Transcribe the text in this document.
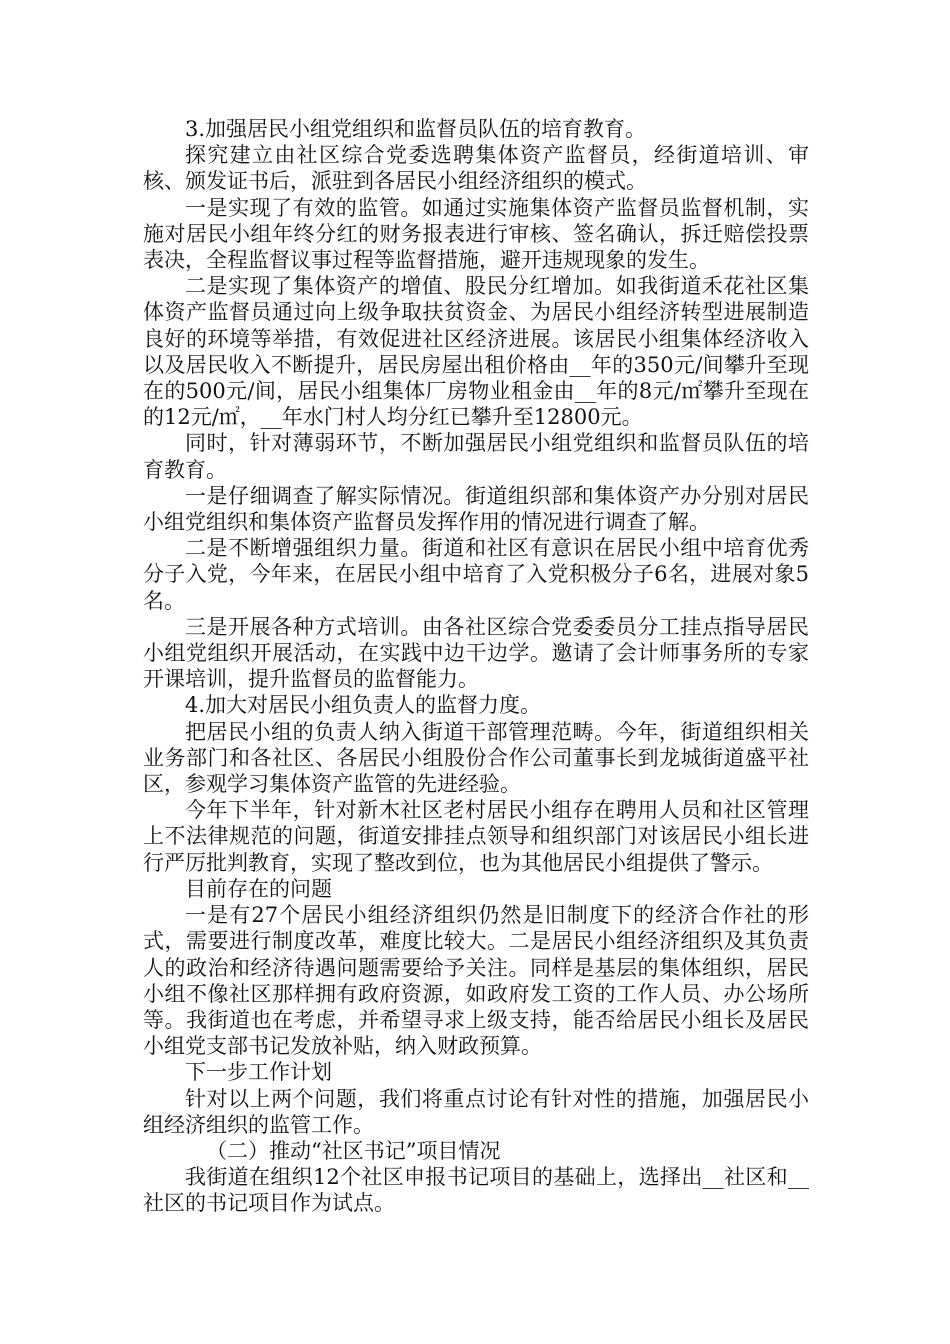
3.加强居民小组党组织和监督员队伍的培育教育。

探究建立由社区综合党委选聘集体资产监督员，经街道培训、审核、颁发证书后，派驻到各居民小组经济组织的模式。

一是实现了有效的监管。如通过实施集体资产监督员监督机制，实施对居民小组年终分红的财务报表进行审核、签名确认，拆迁赔偿投票表决，全程监督议事过程等监督措施，避开违规现象的发生。

二是实现了集体资产的增值、股民分红增加。如我街道禾花社区集体资产监督员通过向上级争取扶贫资金、为居民小组经济转型进展制造良好的环境等举措，有效促进社区经济进展。该居民小组集体经济收入以及居民收入不断提升，居民房屋出租价格由__年的350元/间攀升至现在的500元/间，居民小组集体厂房物业租金由__年的8元/㎡攀升至现在的12元/㎡，__年水门村人均分红已攀升至12800元。

同时，针对薄弱环节，不断加强居民小组党组织和监督员队伍的培育教育。

一是仔细调查了解实际情况。街道组织部和集体资产办分别对居民小组党组织和集体资产监督员发挥作用的情况进行调查了解。

二是不断增强组织力量。街道和社区有意识在居民小组中培育优秀分子入党，今年来，在居民小组中培育了入党积极分子6名，进展对象5名。

三是开展各种方式培训。由各社区综合党委委员分工挂点指导居民小组党组织开展活动，在实践中边干边学。邀请了会计师事务所的专家开课培训，提升监督员的监督能力。

4.加大对居民小组负责人的监督力度。

把居民小组的负责人纳入街道干部管理范畴。今年，街道组织相关业务部门和各社区、各居民小组股份合作公司董事长到龙城街道盛平社区，参观学习集体资产监管的先进经验。

今年下半年，针对新木社区老村居民小组存在聘用人员和社区管理上不法律规范的问题，街道安排挂点领导和组织部门对该居民小组长进行严厉批判教育，实现了整改到位，也为其他居民小组提供了警示。

目前存在的问题

一是有27个居民小组经济组织仍然是旧制度下的经济合作社的形式，需要进行制度改革，难度比较大。二是居民小组经济组织及其负责人的政治和经济待遇问题需要给予关注。同样是基层的集体组织，居民小组不像社区那样拥有政府资源，如政府发工资的工作人员、办公场所等。我街道也在考虑，并希望寻求上级支持，能否给居民小组长及居民小组党支部书记发放补贴，纳入财政预算。

下一步工作计划

针对以上两个问题，我们将重点讨论有针对性的措施，加强居民小组经济组织的监管工作。

（二）推动“社区书记”项目情况

我街道在组织12个社区申报书记项目的基础上，选择出__社区和__社区的书记项目作为试点。
